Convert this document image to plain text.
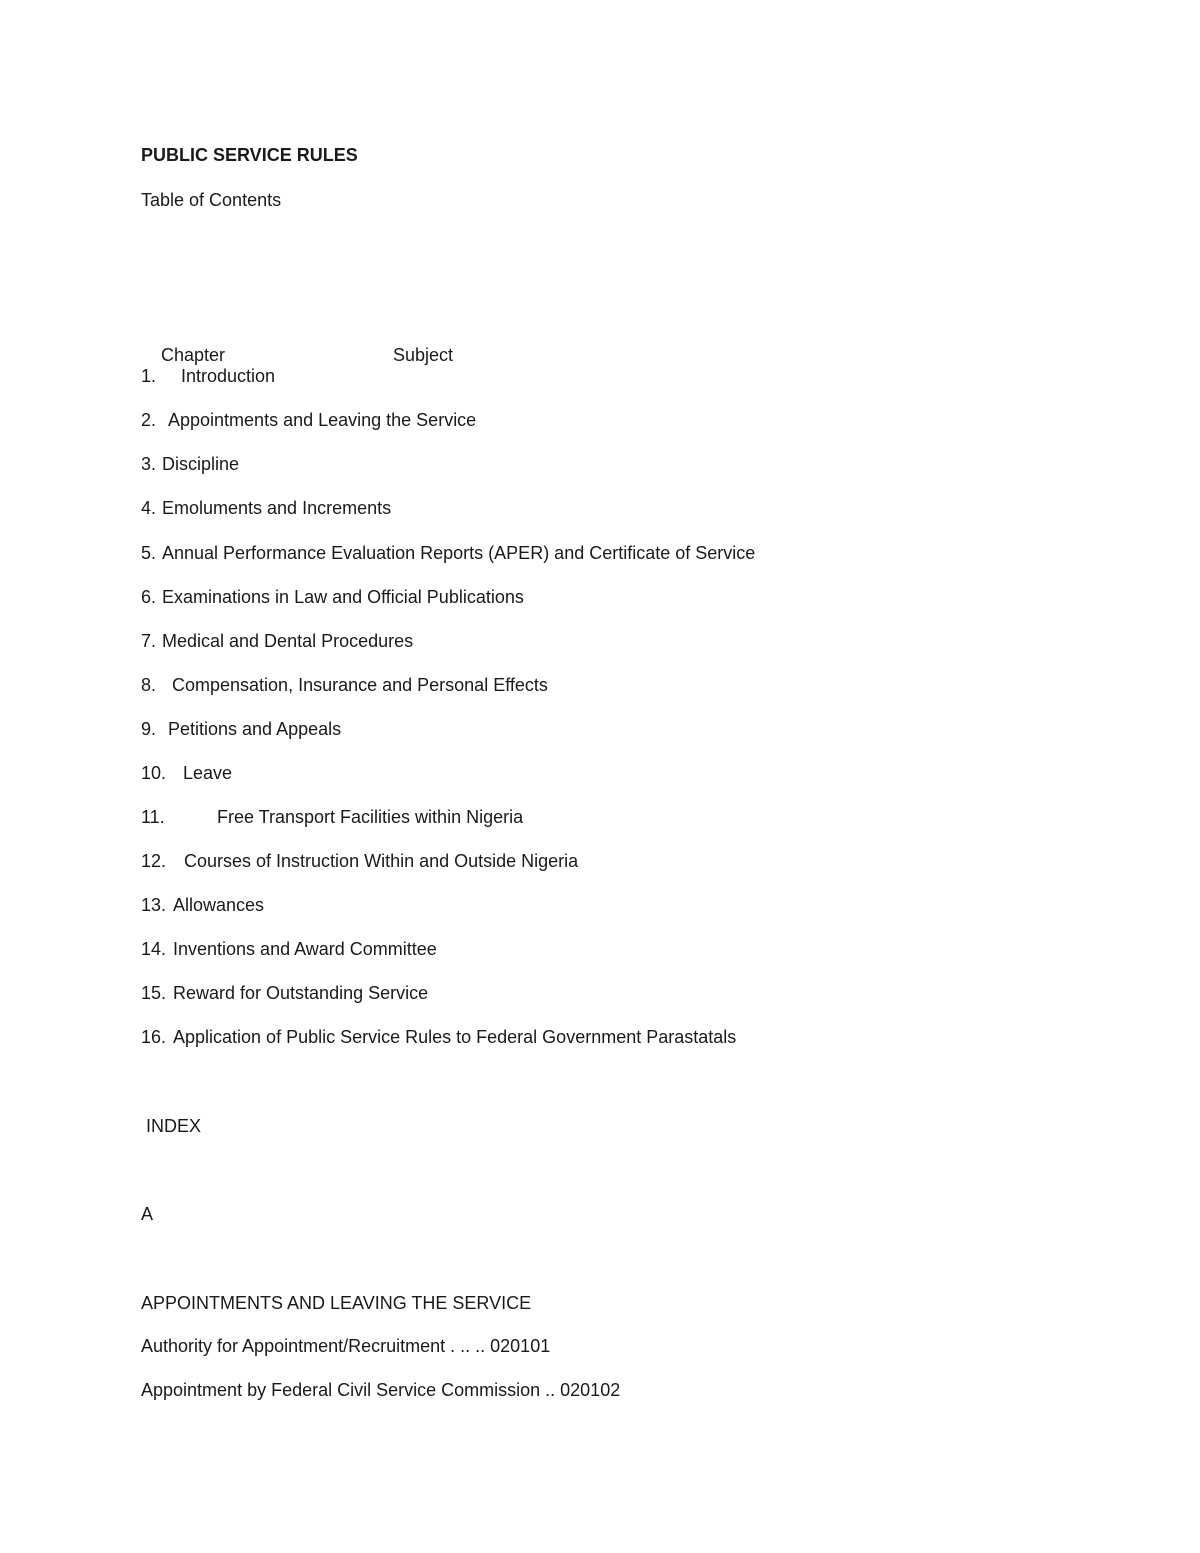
PUBLIC SERVICE RULES
Table of Contents

Chapter	Subject

1. Introduction
2. Appointments and Leaving the Service
3. Discipline
4. Emoluments and Increments
5. Annual Performance Evaluation Reports (APER) and Certificate of Service
6. Examinations in Law and Official Publications
7. Medical and Dental Procedures
8. Compensation, Insurance and Personal Effects
9. Petitions and Appeals
10. Leave
11.	Free Transport Facilities within Nigeria
12. Courses of Instruction Within and Outside Nigeria
13. Allowances
14. Inventions and Award Committee
15. Reward for Outstanding Service
16. Application of Public Service Rules to Federal Government Parastatals
INDEX
A
APPOINTMENTS AND LEAVING THE SERVICE
Authority for Appointment/Recruitment . .. .. 020101
Appointment by Federal Civil Service Commission .. 020102
